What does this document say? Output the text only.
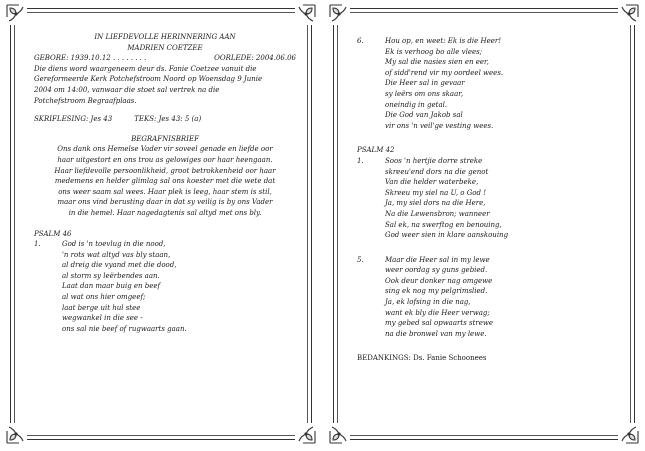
IN LIEFDEVOLLE HERINNERING AAN
MADRIEN COETZEE
GEBORE: 1939.10.12 . . . . . . . .	OORLEDE: 2004.06.06
Die diens word waargeneem deur ds. Fanie Coetzee vanuit die
Gereformeerde Kerk Potchefstroom Noord op Woensdag 9 Junie
2004 om 14:00, vanwaar die stoet sal vertrek na die
Potchefstroom Begraafplaas.
SKRIFLESING: Jes 43	TEKS: Jes 43: 5 (a)
BEGRAFNISBRIEF
Ons dank ons Hemelse Vader vir soveel genade en liefde oor
haar uitgestort en ons trou as gelowiges oor haar heengaan.
Haar liefdevolle persoonlikheid, groot betrokkenheid oor haar
medemens en helder glimlag sal ons koester met die wete dat
ons weer saam sal wees. Haar plek is leeg, haar stem is stil,
maar ons vind berusting daar in dat sy veilig is by ons Vader
in die hemel. Haar nagedagtenis sal altyd met ons bly.
PSALM 46
1.	God is 'n toevlug in die nood,
'n rots wat altyd vas bly staan,
al dreig die vyand met die dood,
al storm sy leërbendes aan.
Laat dan maar buig en beef
al wat ons hier omgeef;
laat berge uit hul stee
wegwankel in die see -
ons sal nie beef of rugwaarts gaan.
6.	Hou op, en weet: Ek is die Heer!
Ek is verhoog bo alle vlees;
My sal die nasies sien en eer,
of sidd'rend vir my oordeel wees.
Die Heer sal in gevaar
sy leërs om ons skaar,
oneindig in getal.
Die God van Jakob sal
vir ons 'n veil'ge vesting wees.
PSALM 42
1.	Soos 'n hertjie dorre streke
skreeu'end dors na die genot
Van die helder waterbeke,
Skreeu my siel na U, o God !
Ja, my siel dors na die Here,
Na die Lewensbron; wanneer
Sal ek, na swerftog en benouing,
God weer sien in klare aanskouing
5.	Maar die Heer sal in my lewe
weer oordag sy guns gebied.
Ook deur donker nag omgewe
sing ek nog my pelgrimslied.
Ja, ek lofsing in die nag,
want ek bly die Heer verwag;
my gebed sal opwaarts strewe
na die bronwel van my lewe.
BEDANKINGS: Ds. Fanie Schoonees
